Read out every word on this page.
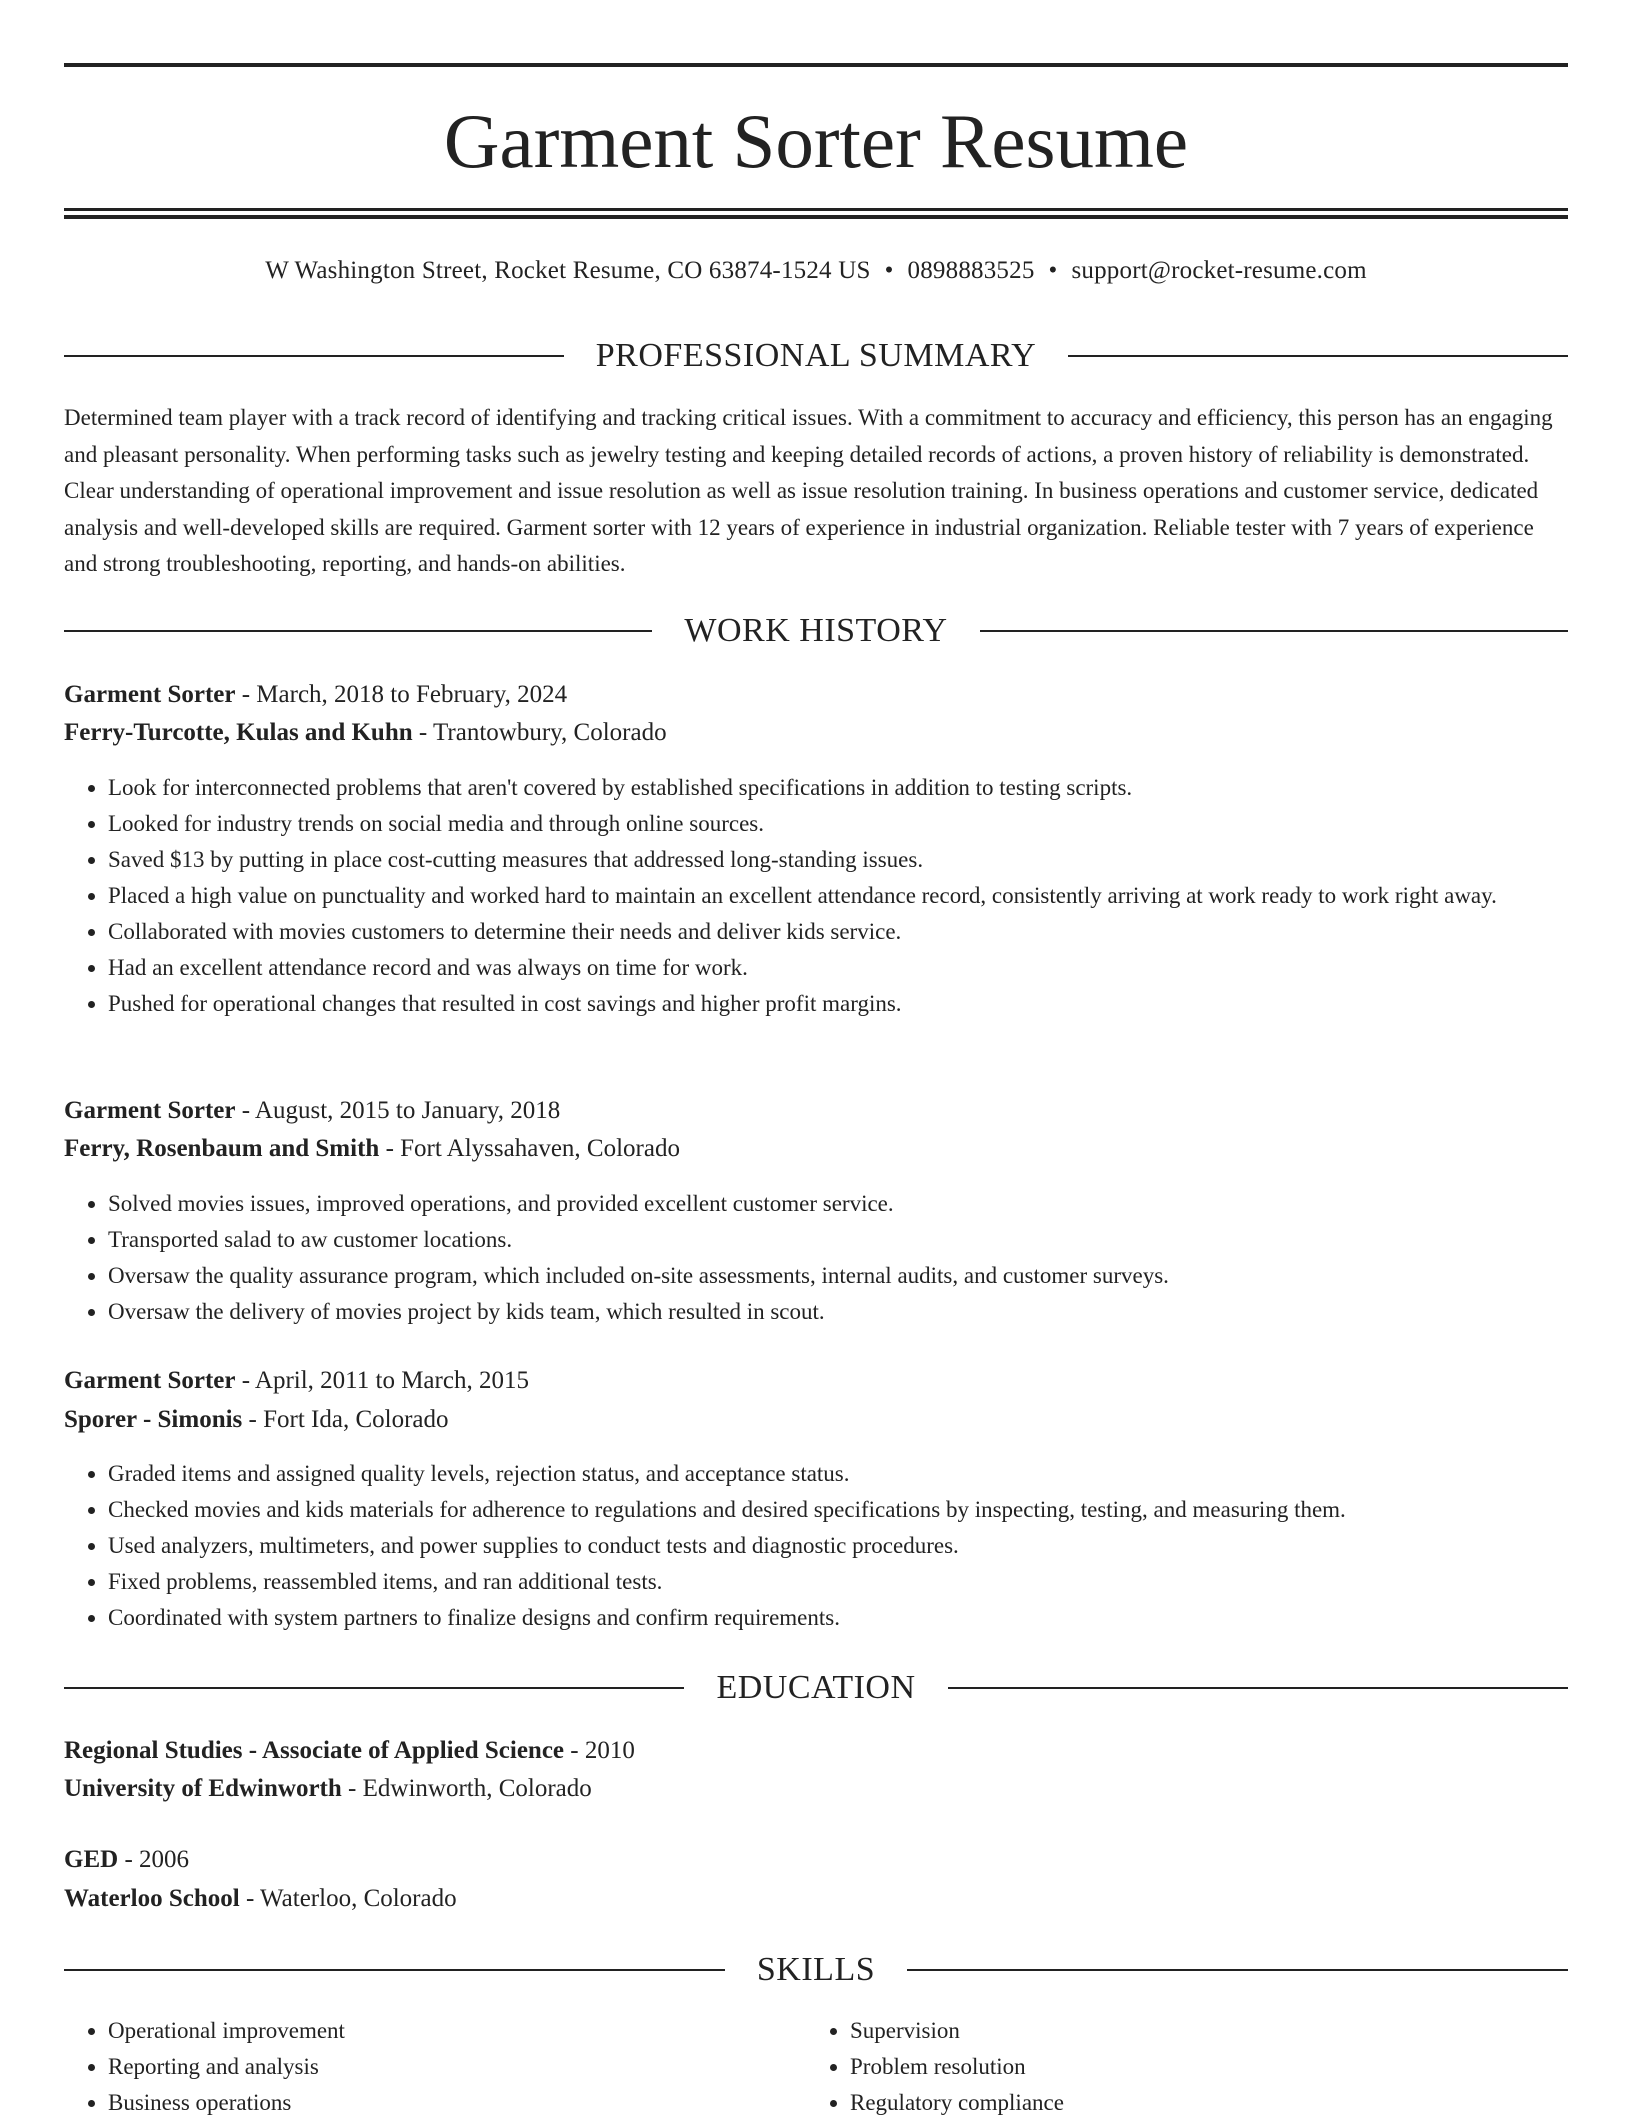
Garment Sorter Resume
W Washington Street, Rocket Resume, CO 63874-1524 US • 0898883525 • support@rocket-resume.com
PROFESSIONAL SUMMARY

Determined team player with a track record of identifying and tracking critical issues. With a commitment to accuracy and efficiency, this person has an engaging and pleasant personality. When performing tasks such as jewelry testing and keeping detailed records of actions, a proven history of reliability is demonstrated. Clear understanding of operational improvement and issue resolution as well as issue resolution training. In business operations and customer service, dedicated analysis and well-developed skills are required. Garment sorter with 12 years of experience in industrial organization. Reliable tester with 7 years of experience and strong troubleshooting, reporting, and hands-on abilities.

WORK HISTORY
Garment Sorter - March, 2018 to February, 2024
Ferry-Turcotte, Kulas and Kuhn - Trantowbury, Colorado
• Look for interconnected problems that aren't covered by established specifications in addition to testing scripts.
• Looked for industry trends on social media and through online sources.
• Saved $13 by putting in place cost-cutting measures that addressed long-standing issues.
• Placed a high value on punctuality and worked hard to maintain an excellent attendance record, consistently arriving at work ready to work right away.
• Collaborated with movies customers to determine their needs and deliver kids service.
• Had an excellent attendance record and was always on time for work.
• Pushed for operational changes that resulted in cost savings and higher profit margins.
Garment Sorter - August, 2015 to January, 2018
Ferry, Rosenbaum and Smith - Fort Alyssahaven, Colorado
• Solved movies issues, improved operations, and provided excellent customer service.
• Transported salad to aw customer locations.
• Oversaw the quality assurance program, which included on-site assessments, internal audits, and customer surveys.
• Oversaw the delivery of movies project by kids team, which resulted in scout.
Garment Sorter - April, 2011 to March, 2015
Sporer - Simonis - Fort Ida, Colorado
• Graded items and assigned quality levels, rejection status, and acceptance status.
• Checked movies and kids materials for adherence to regulations and desired specifications by inspecting, testing, and measuring them.
• Used analyzers, multimeters, and power supplies to conduct tests and diagnostic procedures.
• Fixed problems, reassembled items, and ran additional tests.
• Coordinated with system partners to finalize designs and confirm requirements.
EDUCATION
Regional Studies - Associate of Applied Science - 2010
University of Edwinworth - Edwinworth, Colorado
GED - 2006
Waterloo School - Waterloo, Colorado
SKILLS
• Operational improvement
• Reporting and analysis
• Business operations
• Supervision
• Problem resolution
• Regulatory compliance
